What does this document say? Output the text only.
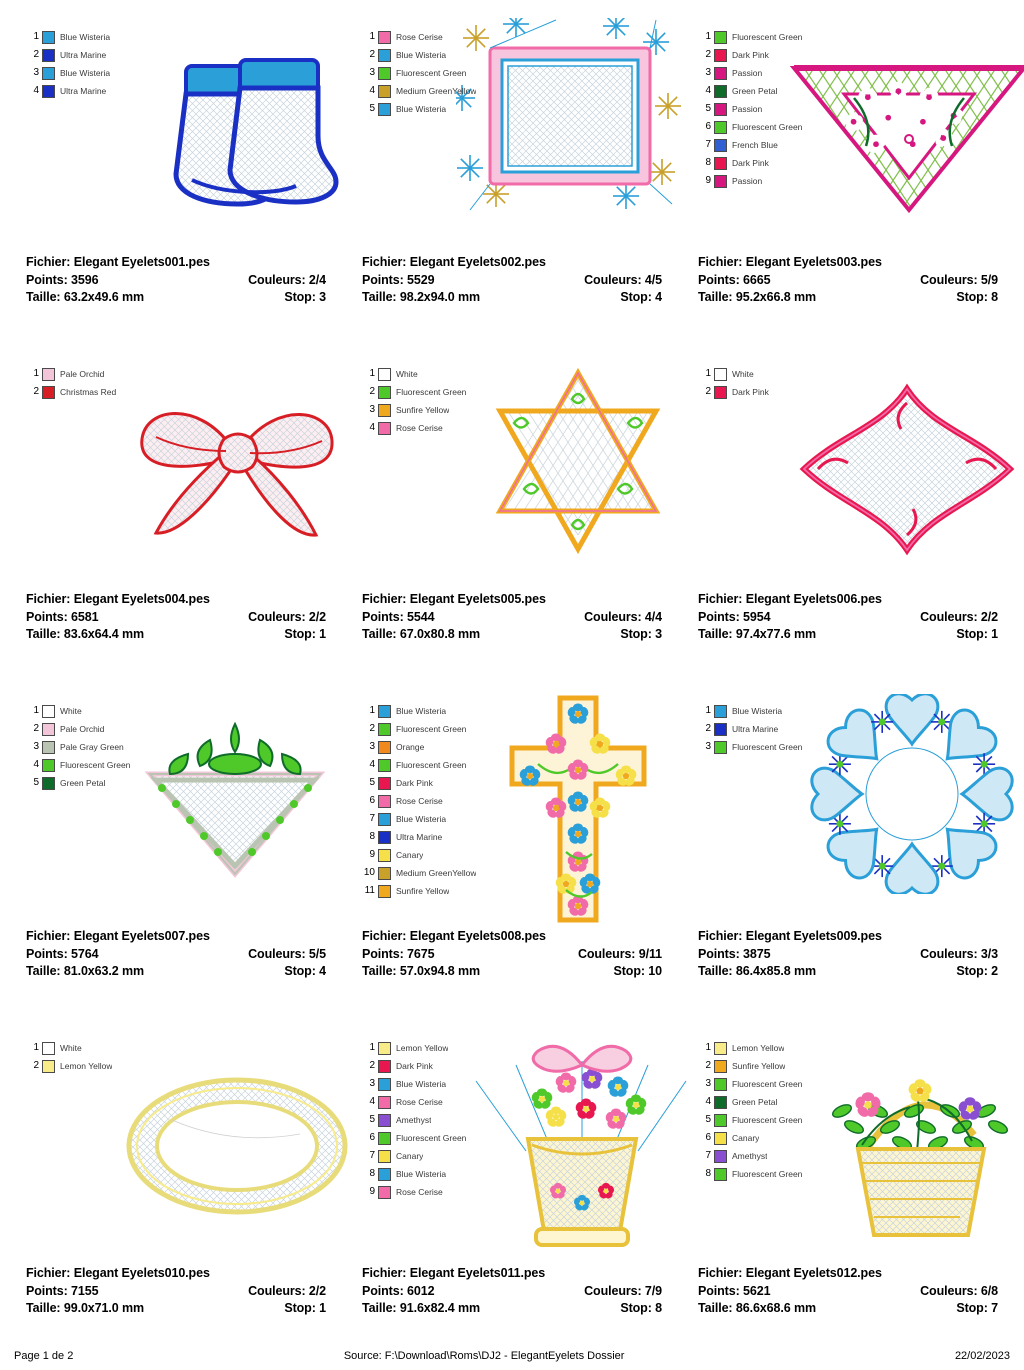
1	Blue Wisteria
2	Ultra Marine
3	Blue Wisteria
4	Ultra Marine
Fichier: Elegant Eyelets001.pes
Points: 3596	Couleurs: 2/4
Taille: 63.2x49.6 mm	Stop: 3
1	Rose Cerise
2	Blue Wisteria
3	Fluorescent Green
4	Medium GreenYellow
5	Blue Wisteria
Fichier: Elegant Eyelets002.pes
Points: 5529	Couleurs: 4/5
Taille: 98.2x94.0 mm	Stop: 4
1	Fluorescent Green
2	Dark Pink
3	Passion
4	Green Petal
5	Passion
6	Fluorescent Green
7	French Blue
8	Dark Pink
9	Passion
Fichier: Elegant Eyelets003.pes
Points: 6665	Couleurs: 5/9
Taille: 95.2x66.8 mm	Stop: 8
1	Pale Orchid
2	Christmas Red
Fichier: Elegant Eyelets004.pes
Points: 6581	Couleurs: 2/2
Taille: 83.6x64.4 mm	Stop: 1
1	White
2	Fluorescent Green
3	Sunfire Yellow
4	Rose Cerise
Fichier: Elegant Eyelets005.pes
Points: 5544	Couleurs: 4/4
Taille: 67.0x80.8 mm	Stop: 3
1	White
2	Dark Pink
Fichier: Elegant Eyelets006.pes
Points: 5954	Couleurs: 2/2
Taille: 97.4x77.6 mm	Stop: 1
1	White
2	Pale Orchid
3	Pale Gray Green
4	Fluorescent Green
5	Green Petal
Fichier: Elegant Eyelets007.pes
Points: 5764	Couleurs: 5/5
Taille: 81.0x63.2 mm	Stop: 4
1	Blue Wisteria
2	Fluorescent Green
3	Orange
4	Fluorescent Green
5	Dark Pink
6	Rose Cerise
7	Blue Wisteria
8	Ultra Marine
9	Canary
10	Medium GreenYellow
11	Sunfire Yellow
Fichier: Elegant Eyelets008.pes
Points: 7675	Couleurs: 9/11
Taille: 57.0x94.8 mm	Stop: 10
1	Blue Wisteria
2	Ultra Marine
3	Fluorescent Green
Fichier: Elegant Eyelets009.pes
Points: 3875	Couleurs: 3/3
Taille: 86.4x85.8 mm	Stop: 2
1	White
2	Lemon Yellow
Fichier: Elegant Eyelets010.pes
Points: 7155	Couleurs: 2/2
Taille: 99.0x71.0 mm	Stop: 1
1	Lemon Yellow
2	Dark Pink
3	Blue Wisteria
4	Rose Cerise
5	Amethyst
6	Fluorescent Green
7	Canary
8	Blue Wisteria
9	Rose Cerise
Fichier: Elegant Eyelets011.pes
Points: 6012	Couleurs: 7/9
Taille: 91.6x82.4 mm	Stop: 8
1	Lemon Yellow
2	Sunfire Yellow
3	Fluorescent Green
4	Green Petal
5	Fluorescent Green
6	Canary
7	Amethyst
8	Fluorescent Green
Fichier: Elegant Eyelets012.pes
Points: 5621	Couleurs: 6/8
Taille: 86.6x68.6 mm	Stop: 7
Page 1 de 2	Source: F:\Download\Roms\DJ2 - ElegantEyelets Dossier	22/02/2023
